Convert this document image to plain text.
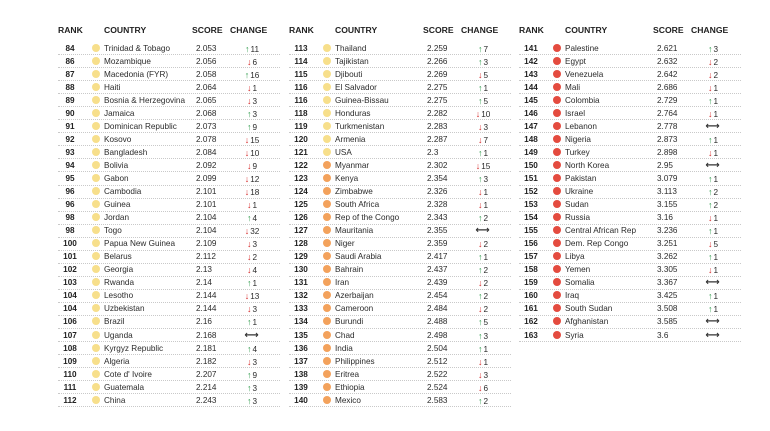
RANK COUNTRY	SCORE CHANGE
84	Trinidad & Tobago	2.053	↑11
86	Mozambique	2.056	↓6
87	Macedonia (FYR)	2.058	↑16
88	Haiti	2.064	↓1
89	Bosnia & Herzegovina 2.065	↓3
90	Jamaica	2.068	↑3
91	Dominican Republic 2.073	↑9
92	Kosovo	2.078	↓15
93	Bangladesh	2.084	↓10
94	Bolivia	2.092	↓9
95	Gabon	2.099	↓12
96	Cambodia	2.101	↓18
96	Guinea	2.101	↓1
98	Jordan	2.104	↑4
98	Togo	2.104	↓32
100	Papua New Guinea	2.109	↓3
101	Belarus	2.112	↓2
102	Georgia	2.13	↓4
103	Rwanda	2.14	↑1
104	Lesotho	2.144	↓13
104	Uzbekistan	2.144	↓3
106	Brazil	2.16	↑1
107	Uganda	2.168	⟷
108	Kyrgyz Republic	2.181	↑4
109	Algeria	2.182	↓3
110	Cote d' Ivoire	2.207	↑9
111	Guatemala	2.214	↑3
112	China	2.243	↑3
RANK COUNTRY	SCORE CHANGE
113	Thailand	2.259	↑7
114	Tajikistan	2.266	↑3
115	Djibouti	2.269	↓5
116	El Salvador	2.275	↑1
116	Guinea-Bissau	2.275	↑5
118	Honduras	2.282	↓10
119	Turkmenistan	2.283	↓3
120	Armenia	2.287	↓7
121	USA	2.3	↑1
122	Myanmar	2.302	↓15
123	Kenya	2.354	↑3
124	Zimbabwe	2.326	↓1
125	South Africa	2.328	↓1
126	Rep of the Congo	2.343	↑2
127	Mauritania	2.355	⟷
128	Niger	2.359	↓2
129	Saudi Arabia	2.417	↑1
130	Bahrain	2.437	↑2
131	Iran	2.439	↓2
132	Azerbaijan	2.454	↑2
133	Cameroon	2.484	↓2
134	Burundi	2.488	↑5
135	Chad	2.498	↑3
136	India	2.504	↑1
137	Philippines	2.512	↓1
138	Eritrea	2.522	↓3
139	Ethiopia	2.524	↓6
140	Mexico	2.583	↑2
RANK COUNTRY	SCORE CHANGE
141	Palestine	2.621	↑3
142	Egypt	2.632	↓2
143	Venezuela	2.642	↓2
144	Mali	2.686	↓1
145	Colombia	2.729	↑1
146	Israel	2.764	↓1
147	Lebanon	2.778	⟷
148	Nigeria	2.873	↑1
149	Turkey	2.898	↓1
150	North Korea	2.95	⟷
151	Pakistan	3.079	↑1
152	Ukraine	3.113	↑2
153	Sudan	3.155	↑2
154	Russia	3.16	↓1
155	Central African Rep	3.236	↑1
156	Dem. Rep Congo	3.251	↓5
157	Libya	3.262	↑1
158	Yemen	3.305	↓1
159	Somalia	3.367	⟷
160	Iraq	3.425	↑1
161	South Sudan	3.508	↑1
162	Afghanistan	3.585	⟷
163	Syria	3.6	⟷
